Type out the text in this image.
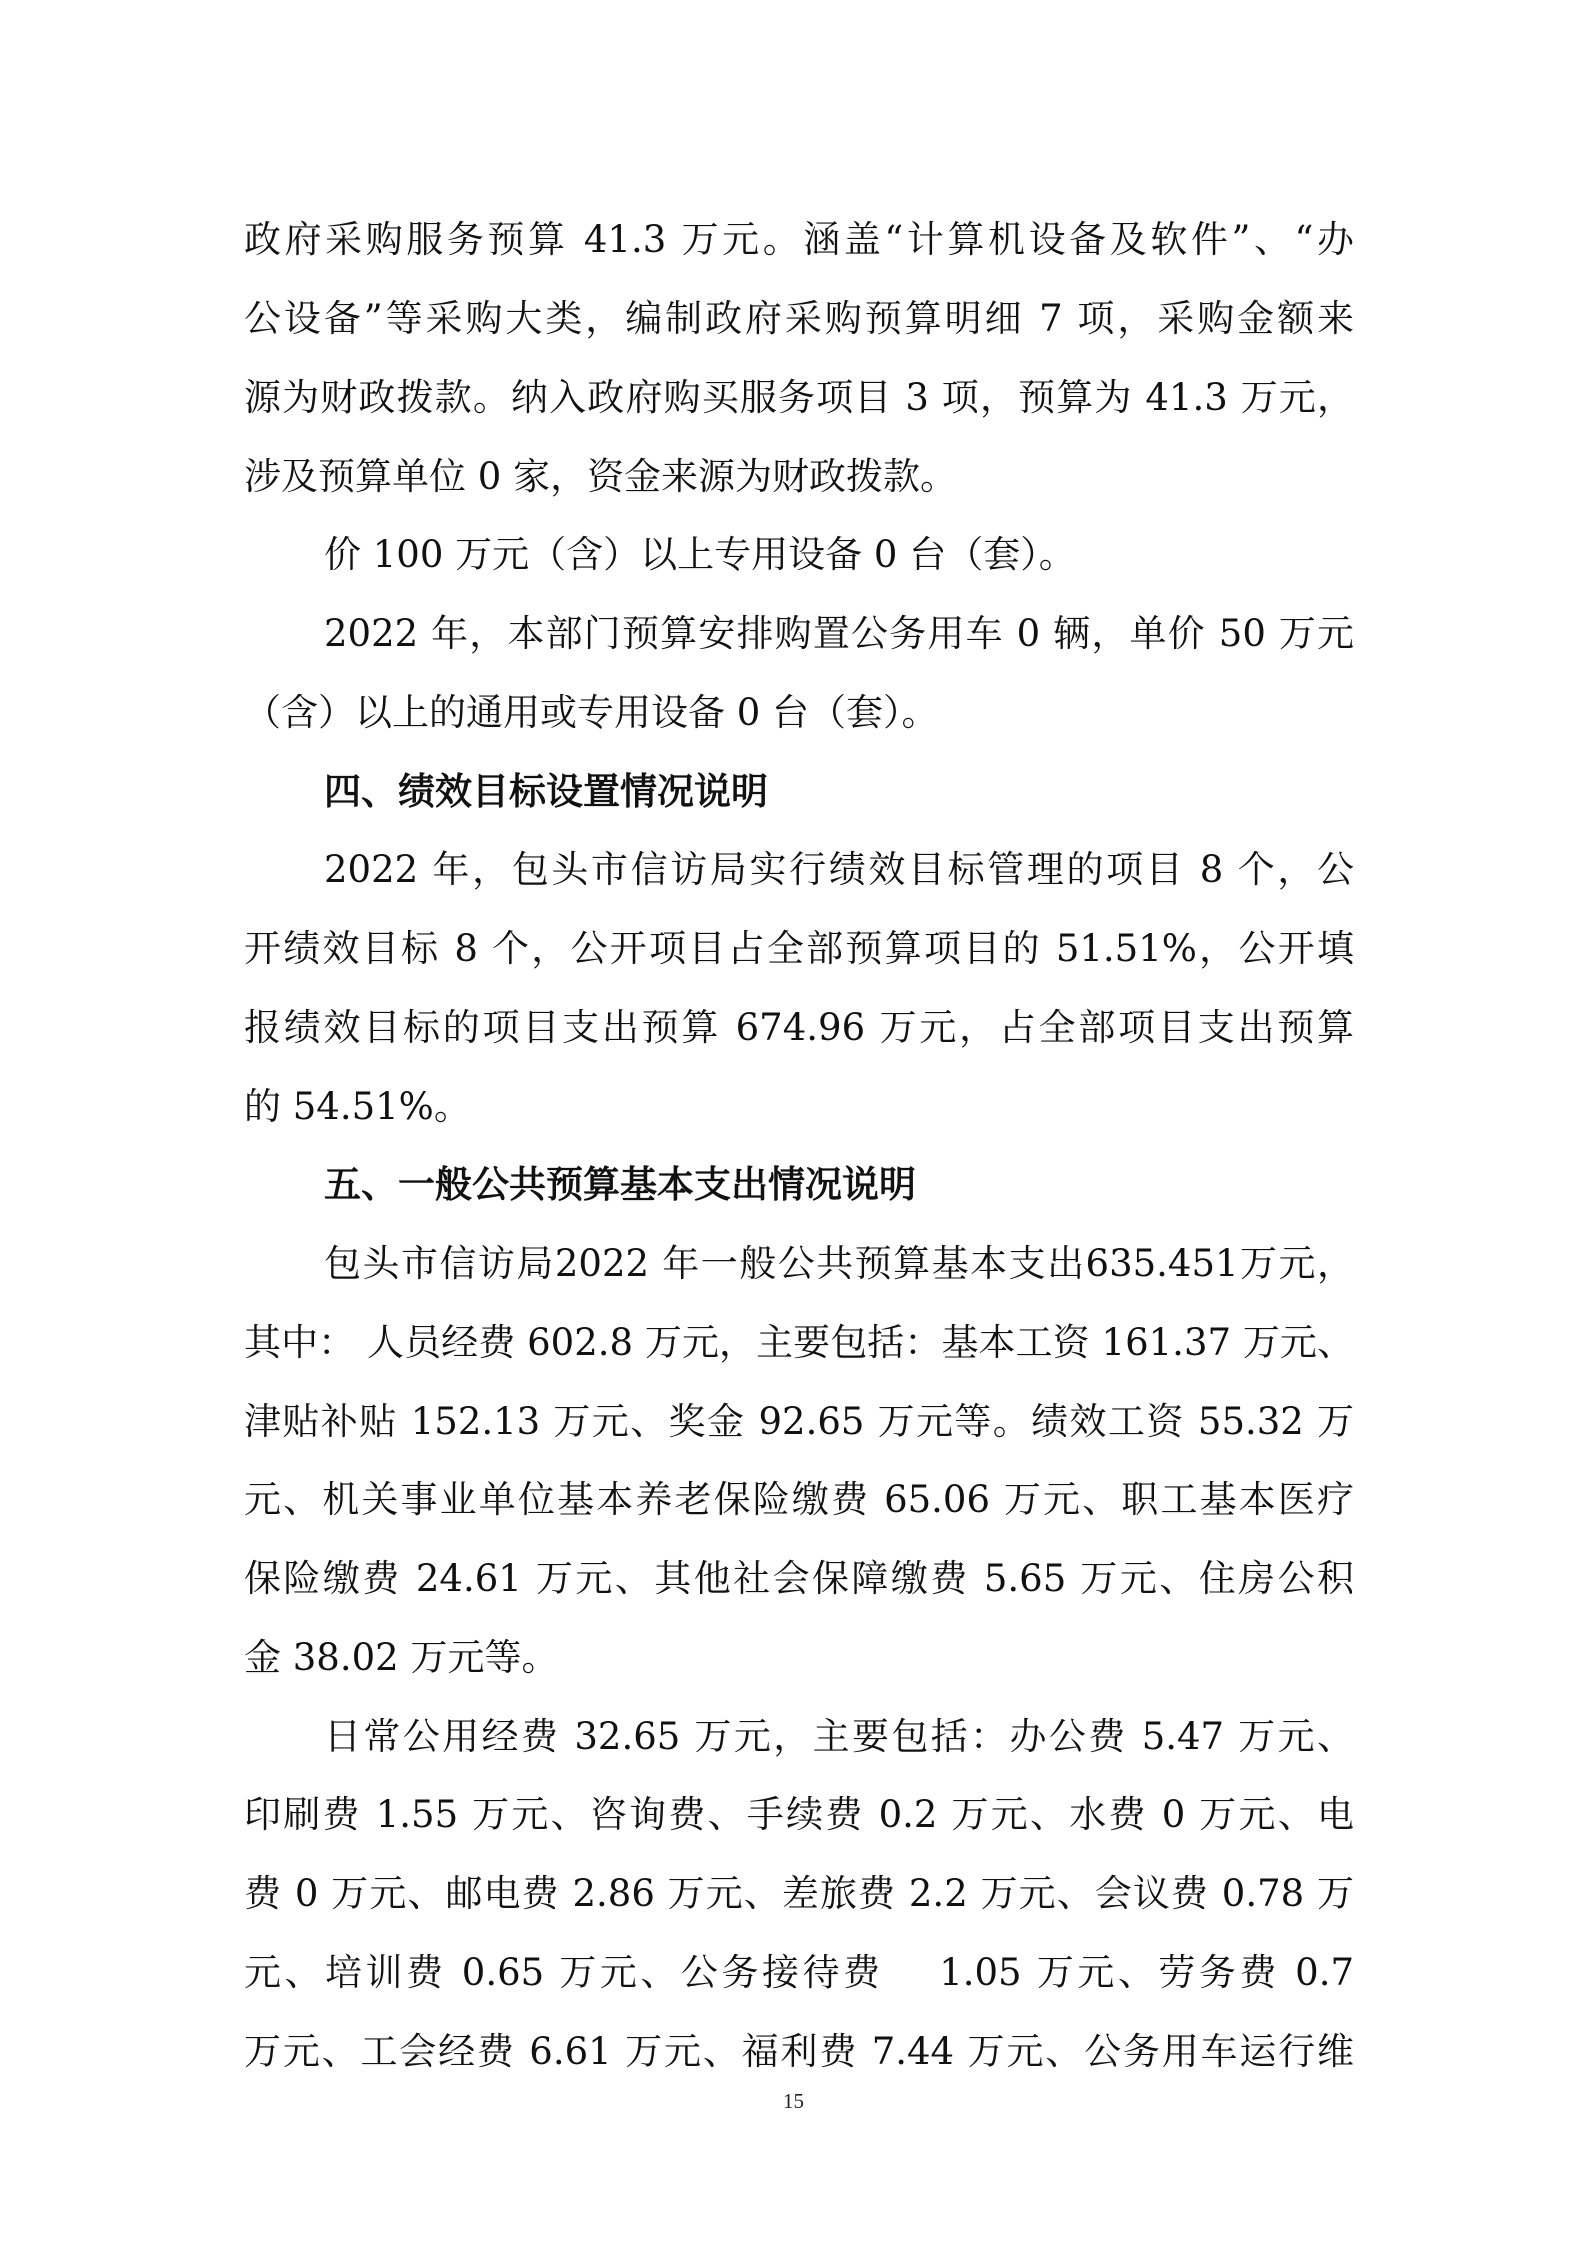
政府采购服务预算 41.3 万元。涵盖“计算机设备及软件”、“办

公设备”等采购大类，编制政府采购预算明细 7 项，采购金额来

源为财政拨款。纳入政府购买服务项目 3 项，预算为 41.3 万元，

涉及预算单位 0 家，资金来源为财政拨款。

价 100 万元（含）以上专用设备 0 台（套）。

2022 年，本部门预算安排购置公务用车 0 辆，单价 50 万元

（含）以上的通用或专用设备 0 台（套）。

四、绩效目标设置情况说明

2022 年，包头市信访局实行绩效目标管理的项目 8 个，公

开绩效目标 8 个，公开项目占全部预算项目的 51.51%，公开填

报绩效目标的项目支出预算 674.96 万元，占全部项目支出预算

的 54.51%。

五、一般公共预算基本支出情况说明

包头市信访局2022 年一般公共预算基本支出635.451万元，

其中： 人员经费 602.8 万元，主要包括：基本工资 161.37 万元、

津贴补贴 152.13 万元、奖金 92.65 万元等。绩效工资 55.32 万

元、机关事业单位基本养老保险缴费 65.06 万元、职工基本医疗

保险缴费 24.61 万元、其他社会保障缴费 5.65 万元、住房公积

金 38.02 万元等。

日常公用经费 32.65 万元，主要包括：办公费 5.47 万元、

印刷费 1.55 万元、咨询费、手续费 0.2 万元、水费 0 万元、电

费 0 万元、邮电费 2.86 万元、差旅费 2.2 万元、会议费 0.78 万

元、培训费 0.65 万元、公务接待费　 1.05 万元、劳务费 0.7

万元、工会经费 6.61 万元、福利费 7.44 万元、公务用车运行维

15
